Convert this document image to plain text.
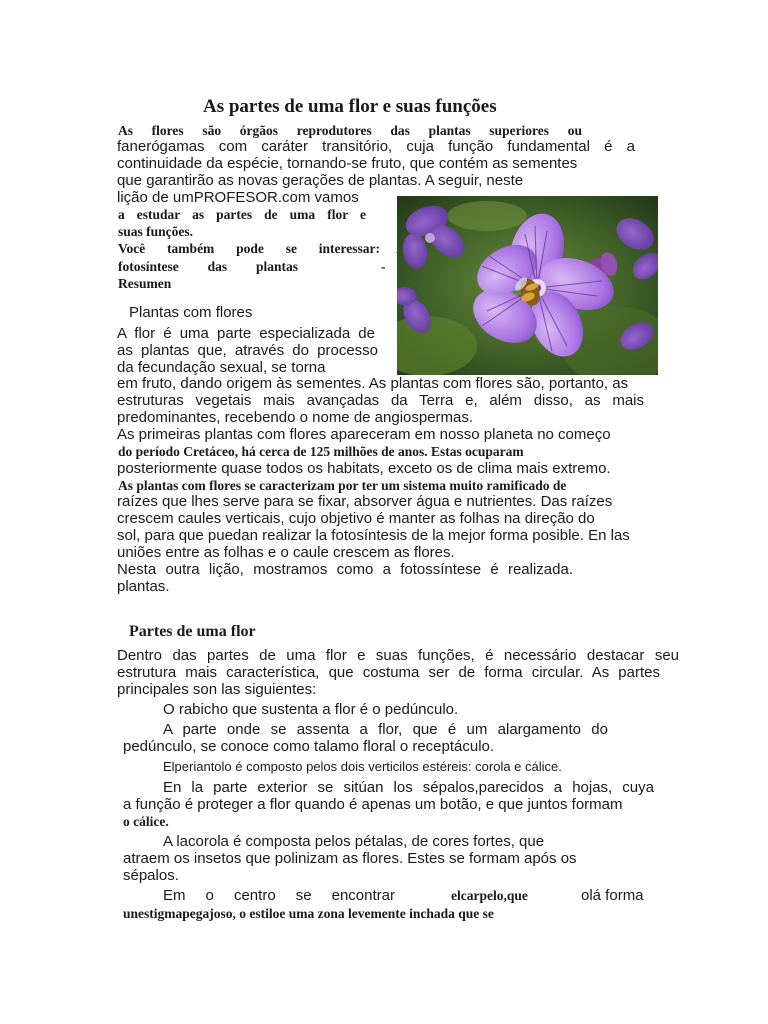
As partes de uma flor e suas funções
As flores são órgãos reprodutores das plantas superiores ou
fanerógamas com caráter transitório, cuja função fundamental é a
continuidade da espécie, tornando-se fruto, que contém as sementes
que garantirão as novas gerações de plantas. A seguir, neste
lição de umPROFESOR.com vamos
a estudar as partes de uma flor e
suas funções.
Você também pode se interessar:
fotosíntese das plantas	-
Resumen
Plantas com flores
A flor é uma parte especializada de
as plantas que, através do processo
da fecundação sexual, se torna
em fruto, dando origem às sementes. As plantas com flores são, portanto, as
estruturas vegetais mais avançadas da Terra e, além disso, as mais
predominantes, recebendo o nome de angiospermas.
As primeiras plantas com flores apareceram em nosso planeta no começo
do período Cretáceo, há cerca de 125 milhões de anos. Estas ocuparam
posteriormente quase todos os habitats, exceto os de clima mais extremo.
As plantas com flores se caracterizam por ter um sistema muito ramificado de
raízes que lhes serve para se fixar, absorver água e nutrientes. Das raízes
crescem caules verticais, cujo objetivo é manter as folhas na direção do
sol, para que puedan realizar la fotosíntesis de la mejor forma posible. En las
uniões entre as folhas e o caule crescem as flores.
Nesta outra lição, mostramos como a fotossíntese é realizada.
plantas.
Partes de uma flor
Dentro das partes de uma flor e suas funções, é necessário destacar seu
estrutura mais característica, que costuma ser de forma circular. As partes
principales son las siguientes:
O rabicho que sustenta a flor é o pedúnculo.
A parte onde se assenta a flor, que é um alargamento do
pedúnculo, se conoce como talamo floral o receptáculo.
Elperiantolo é composto pelos dois verticilos estéreis: corola e cálice.
En la parte exterior se sitúan los sépalos,parecidos a hojas, cuya
a função é proteger a flor quando é apenas um botão, e que juntos formam
o cálice.
A lacorola é composta pelos pétalas, de cores fortes, que
atraem os insetos que polinizam as flores. Estes se formam após os
sépalos.
Em o centro se encontrar	elcarpelo,que	olá forma
unestigmapegajoso, o estiloe uma zona levemente inchada que se
